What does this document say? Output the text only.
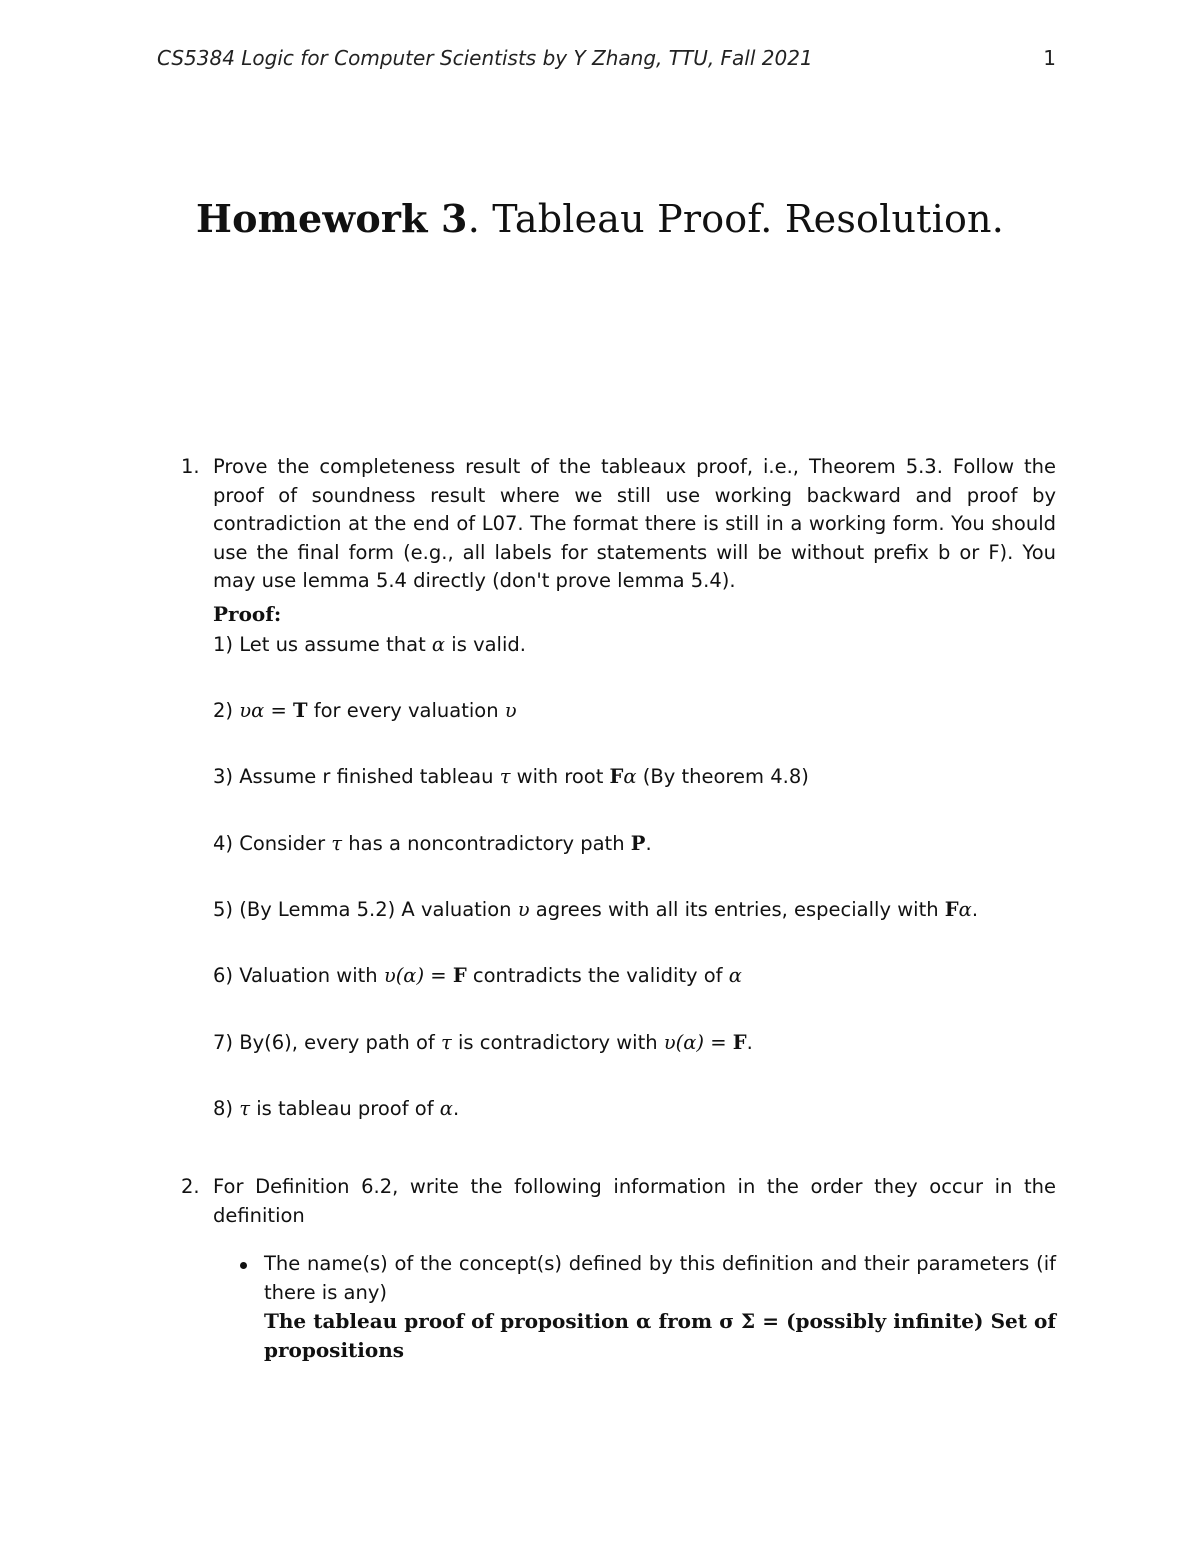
CS5384 Logic for Computer Scientists by Y Zhang, TTU, Fall 2021	1
Homework 3. Tableau Proof. Resolution.
1. Prove the completeness result of the tableaux proof, i.e., Theorem 5.3. Follow the proof of soundness result where we still use working backward and proof by contradiction at the end of L07. The format there is still in a working form. You should use the final form (e.g., all labels for statements will be without prefix b or F). You may use lemma 5.4 directly (don't prove lemma 5.4).
Proof:
1) Let us assume that α is valid.
2) υα = T for every valuation υ
3) Assume r finished tableau τ with root Fα (By theorem 4.8)
4) Consider τ has a noncontradictory path P.
5) (By Lemma 5.2) A valuation υ agrees with all its entries, especially with Fα.
6) Valuation with υ(α) = F contradicts the validity of α
7) By(6), every path of τ is contradictory with υ(α) = F.
8) τ is tableau proof of α.
2. For Definition 6.2, write the following information in the order they occur in the definition
The name(s) of the concept(s) defined by this definition and their parameters (if there is any)
The tableau proof of proposition α from σ Σ = (possibly infinite) Set of propositions
